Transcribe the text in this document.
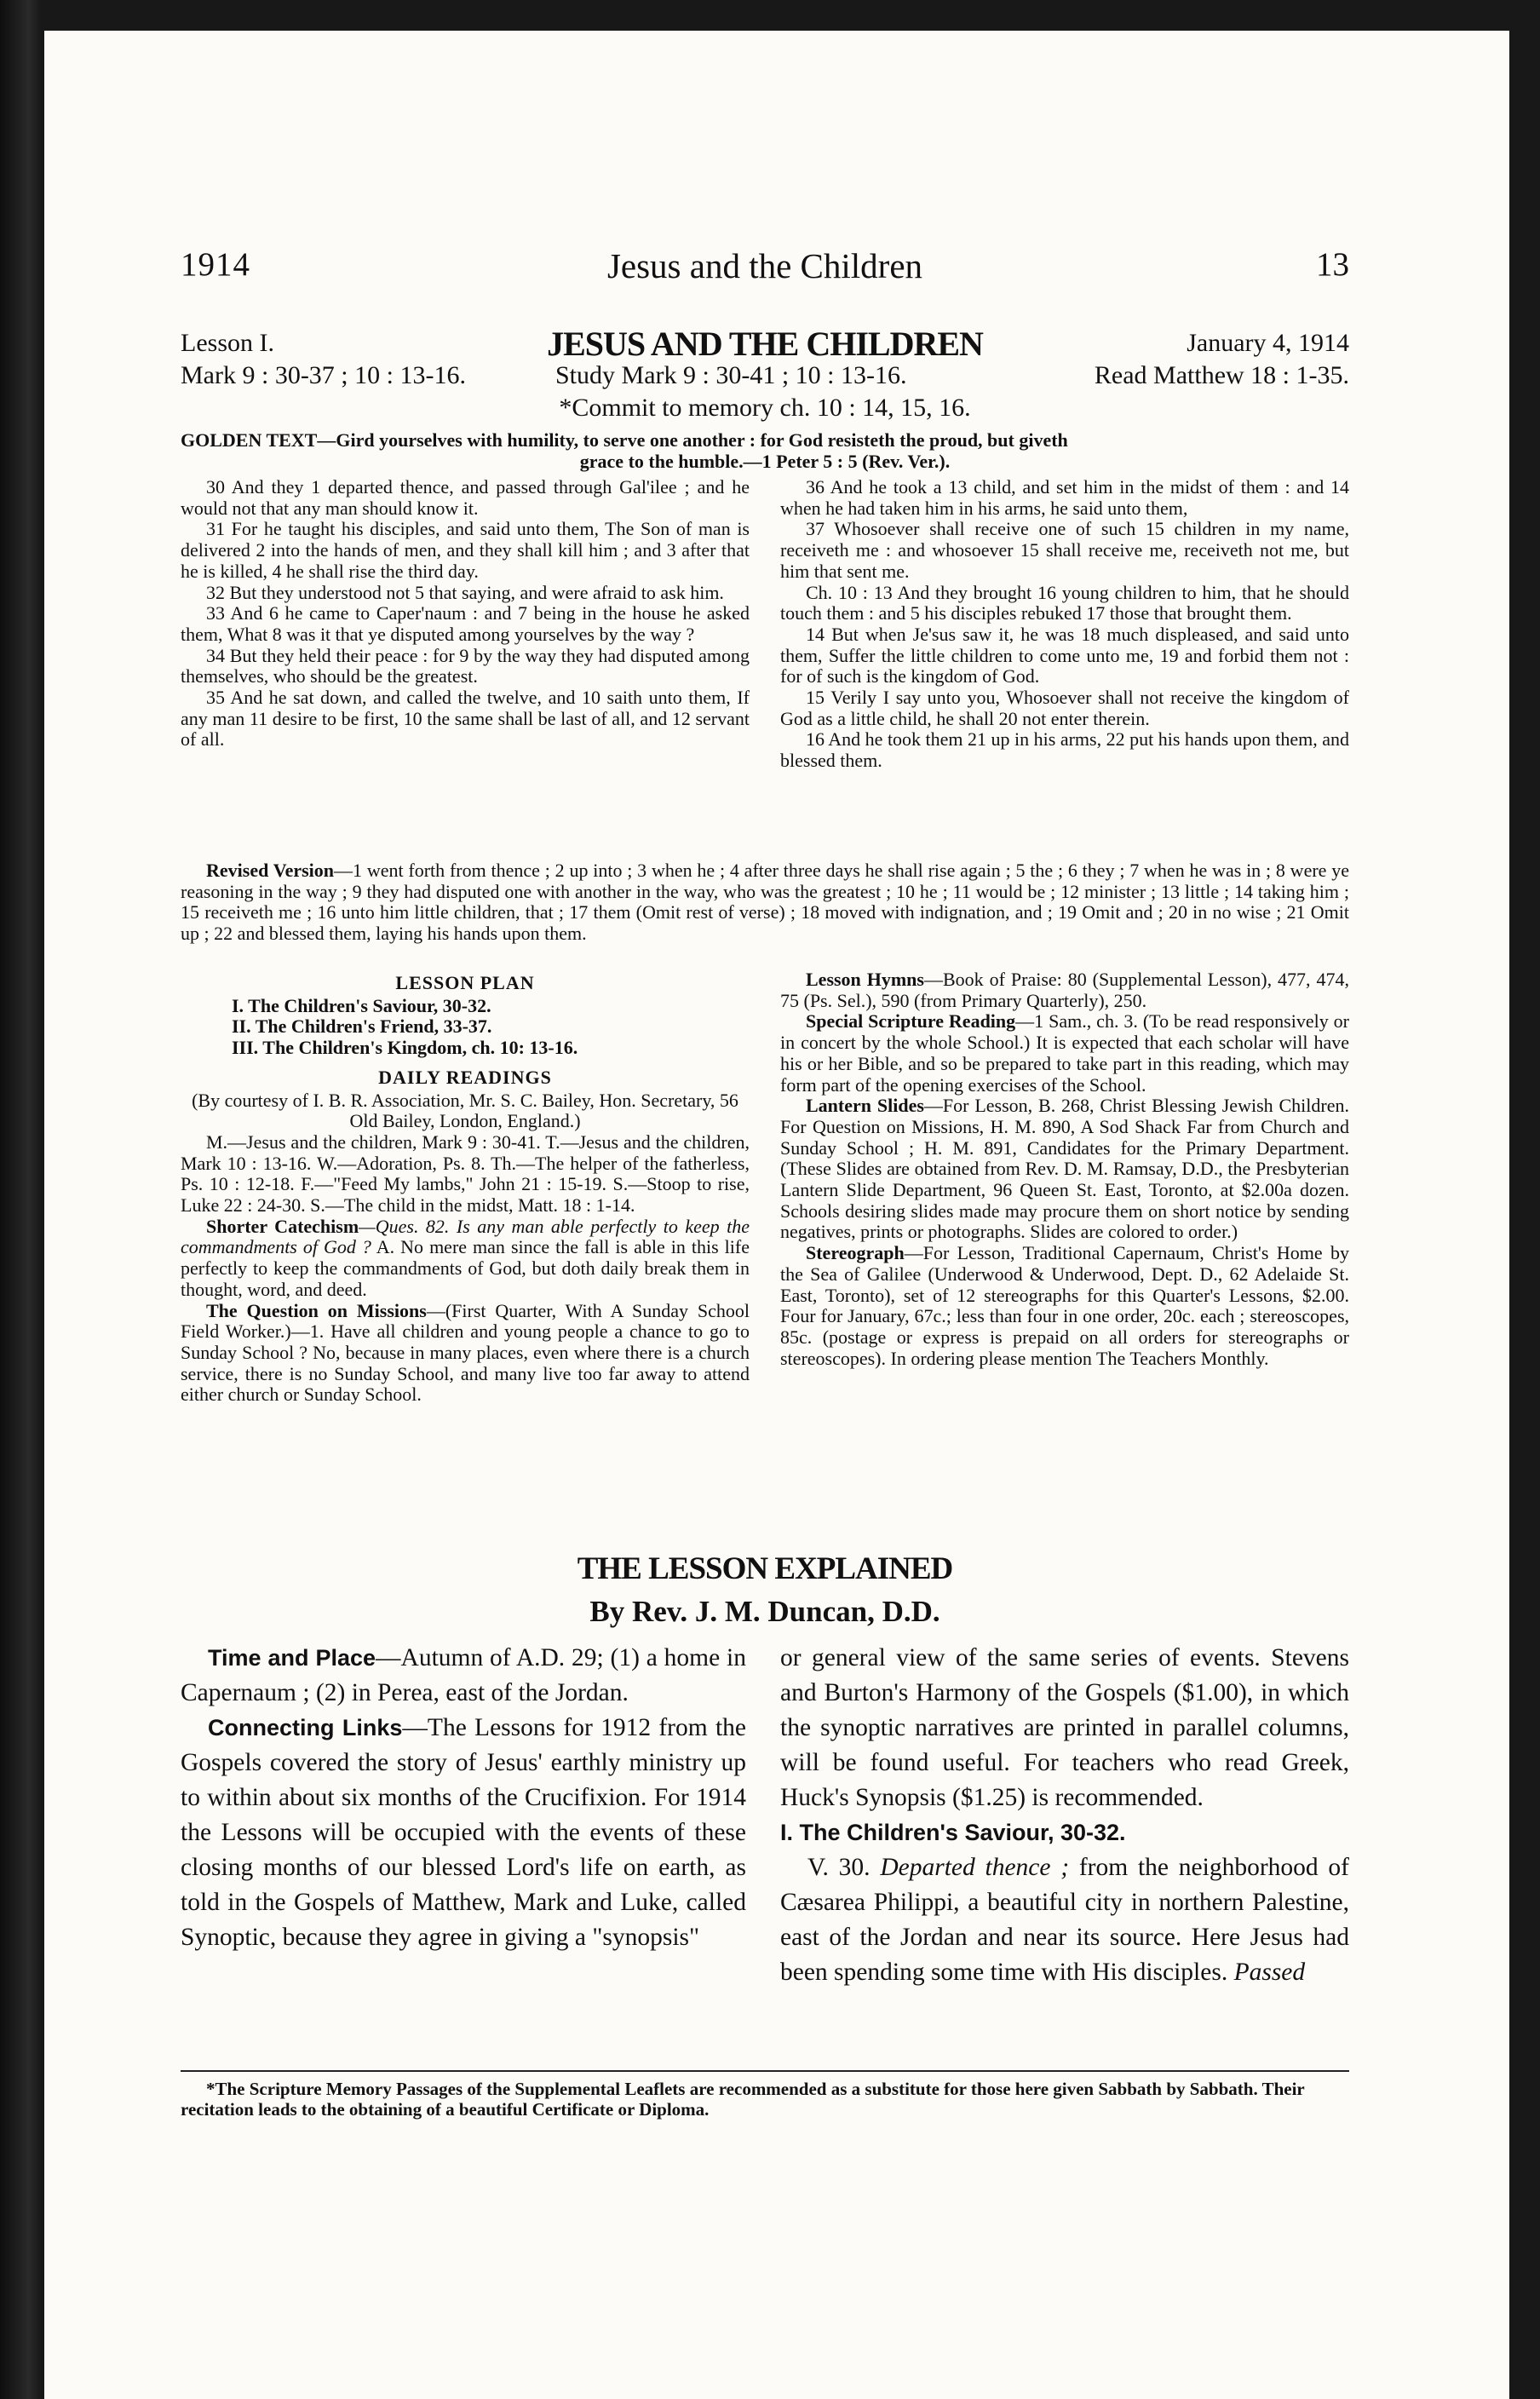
1914	Jesus and the Children	13
Lesson I.	JESUS AND THE CHILDREN	January 4, 1914
Mark 9 : 30-37 ; 10 : 13-16.	Study Mark 9 : 30-41 ; 10 : 13-16.	Read Matthew 18 : 1-35.
*Commit to memory ch. 10 : 14, 15, 16.
GOLDEN TEXT—Gird yourselves with humility, to serve one another : for God resisteth the proud, but giveth
grace to the humble.—1 Peter 5 : 5 (Rev. Ver.).

30 And they 1 departed thence, and passed through Gal'ilee ; and he would not that any man should know it.

31 For he taught his disciples, and said unto them, The Son of man is delivered 2 into the hands of men, and they shall kill him ; and 3 after that he is killed, 4 he shall rise the third day.

32 But they understood not 5 that saying, and were afraid to ask him.

33 And 6 he came to Caper'naum : and 7 being in the house he asked them, What 8 was it that ye disputed among yourselves by the way ?

34 But they held their peace : for 9 by the way they had disputed among themselves, who should be the greatest.

35 And he sat down, and called the twelve, and 10 saith unto them, If any man 11 desire to be first, 10 the same shall be last of all, and 12 servant of all.

36 And he took a 13 child, and set him in the midst of them : and 14 when he had taken him in his arms, he said unto them,

37 Whosoever shall receive one of such 15 children in my name, receiveth me : and whosoever 15 shall receive me, receiveth not me, but him that sent me.

Ch. 10 : 13 And they brought 16 young children to him, that he should touch them : and 5 his disciples rebuked 17 those that brought them.

14 But when Je'sus saw it, he was 18 much displeased, and said unto them, Suffer the little children to come unto me, 19 and forbid them not : for of such is the kingdom of God.

15 Verily I say unto you, Whosoever shall not receive the kingdom of God as a little child, he shall 20 not enter therein.

16 And he took them 21 up in his arms, 22 put his hands upon them, and blessed them.

Revised Version—1 went forth from thence ; 2 up into ; 3 when he ; 4 after three days he shall rise again ; 5 the ; 6 they ; 7 when he was in ; 8 were ye reasoning in the way ; 9 they had disputed one with another in the way, who was the greatest ; 10 he ; 11 would be ; 12 minister ; 13 little ; 14 taking him ; 15 receiveth me ; 16 unto him little children, that ; 17 them (Omit rest of verse) ; 18 moved with indignation, and ; 19 Omit and ; 20 in no wise ; 21 Omit up ; 22 and blessed them, laying his hands upon them.

LESSON PLAN
I. The Children's Saviour, 30-32.
II. The Children's Friend, 33-37.
III. The Children's Kingdom, ch. 10: 13-16.
DAILY READINGS

(By courtesy of I. B. R. Association, Mr. S. C. Bailey, Hon. Secretary, 56 Old Bailey, London, England.)

M.—Jesus and the children, Mark 9 : 30-41. T.—Jesus and the children, Mark 10 : 13-16. W.—Adoration, Ps. 8. Th.—The helper of the fatherless, Ps. 10 : 12-18. F.—"Feed My lambs," John 21 : 15-19. S.—Stoop to rise, Luke 22 : 24-30. S.—The child in the midst, Matt. 18 : 1-14.

Shorter Catechism—Ques. 82. Is any man able perfectly to keep the commandments of God ? A. No mere man since the fall is able in this life perfectly to keep the commandments of God, but doth daily break them in thought, word, and deed.

The Question on Missions—(First Quarter, With A Sunday School Field Worker.)—1. Have all children and young people a chance to go to Sunday School ? No, because in many places, even where there is a church service, there is no Sunday School, and many live too far away to attend either church or Sunday School.

Lesson Hymns—Book of Praise: 80 (Supplemental Lesson), 477, 474, 75 (Ps. Sel.), 590 (from Primary Quarterly), 250.

Special Scripture Reading—1 Sam., ch. 3. (To be read responsively or in concert by the whole School.) It is expected that each scholar will have his or her Bible, and so be prepared to take part in this reading, which may form part of the opening exercises of the School.

Lantern Slides—For Lesson, B. 268, Christ Blessing Jewish Children. For Question on Missions, H. M. 890, A Sod Shack Far from Church and Sunday School ; H. M. 891, Candidates for the Primary Department. (These Slides are obtained from Rev. D. M. Ramsay, D.D., the Presbyterian Lantern Slide Department, 96 Queen St. East, Toronto, at $2.00a dozen. Schools desiring slides made may procure them on short notice by sending negatives, prints or photographs. Slides are colored to order.)

Stereograph—For Lesson, Traditional Capernaum, Christ's Home by the Sea of Galilee (Underwood & Underwood, Dept. D., 62 Adelaide St. East, Toronto), set of 12 stereographs for this Quarter's Lessons, $2.00. Four for January, 67c.; less than four in one order, 20c. each ; stereoscopes, 85c. (postage or express is prepaid on all orders for stereographs or stereoscopes). In ordering please mention The Teachers Monthly.

THE LESSON EXPLAINED
By Rev. J. M. Duncan, D.D.

Time and Place—Autumn of A.D. 29; (1) a home in Capernaum ; (2) in Perea, east of the Jordan.

Connecting Links—The Lessons for 1912 from the Gospels covered the story of Jesus' earthly ministry up to within about six months of the Crucifixion. For 1914 the Lessons will be occupied with the events of these closing months of our blessed Lord's life on earth, as told in the Gospels of Matthew, Mark and Luke, called Synoptic, because they agree in giving a "synopsis"

or general view of the same series of events. Stevens and Burton's Harmony of the Gospels ($1.00), in which the synoptic narratives are printed in parallel columns, will be found useful. For teachers who read Greek, Huck's Synopsis ($1.25) is recommended.

I. The Children's Saviour, 30-32.

V. 30. Departed thence ; from the neighborhood of Cæsarea Philippi, a beautiful city in northern Palestine, east of the Jordan and near its source. Here Jesus had been spending some time with His disciples. Passed

*The Scripture Memory Passages of the Supplemental Leaflets are recommended as a substitute for those here given Sabbath by Sabbath. Their recitation leads to the obtaining of a beautiful Certificate or Diploma.
